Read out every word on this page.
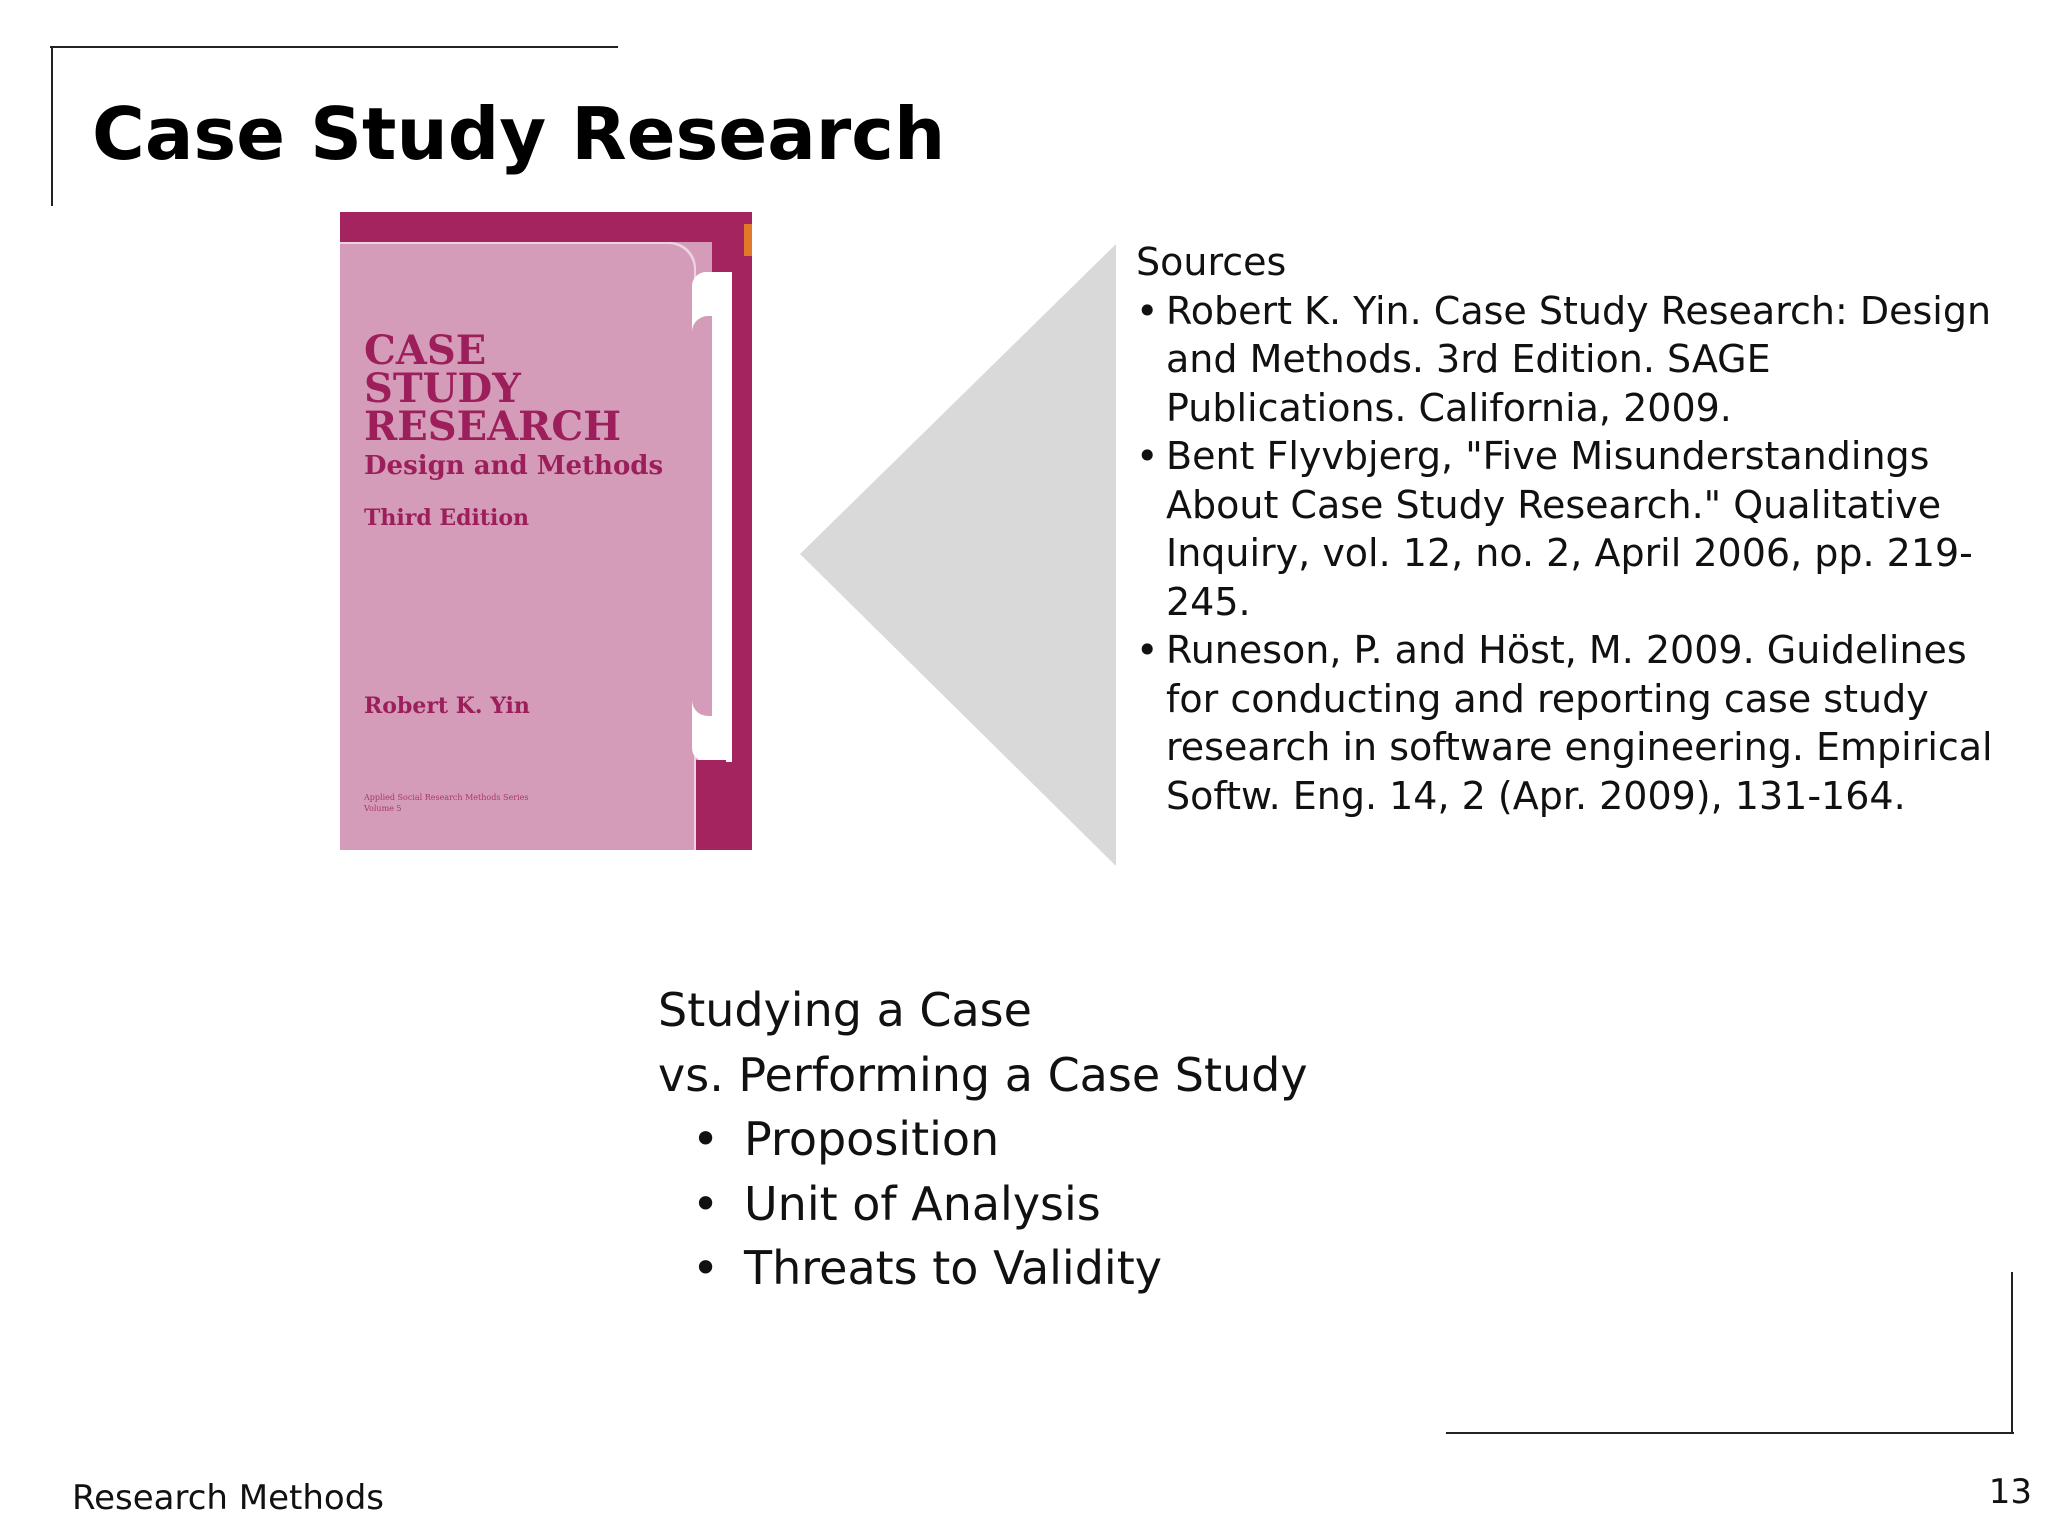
Case Study Research
CASE
STUDY
RESEARCH
Design and Methods
Third Edition
Robert K. Yin
Applied Social Research Methods Series
Volume 5

Sources

• Robert K. Yin. Case Study Research: Design and Methods. 3rd Edition. SAGE Publications. California, 2009.
• Bent Flyvbjerg, "Five Misunderstandings About Case Study Research." Qualitative Inquiry, vol. 12, no. 2, April 2006, pp. 219-245.
• Runeson, P. and Höst, M. 2009. Guidelines for conducting and reporting case study research in software engineering. Empirical Softw. Eng. 14, 2 (Apr. 2009), 131-164.

Studying a Case

vs. Performing a Case Study

• Proposition
• Unit of Analysis
• Threats to Validity
Research Methods	13
